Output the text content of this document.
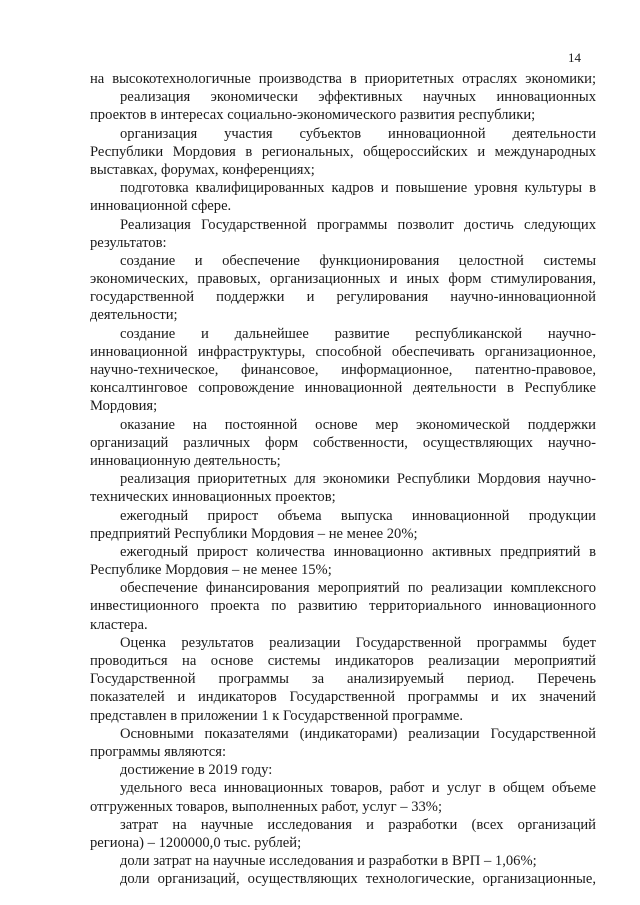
14
на высокотехнологичные производства в приоритетных отраслях экономики;
реализация экономически эффективных научных инновационных
проектов в интересах социально-экономического развития республики;
организация участия субъектов инновационной деятельности
Республики Мордовия в региональных, общероссийских и международных
выставках, форумах, конференциях;
подготовка квалифицированных кадров и повышение уровня культуры в
инновационной сфере.
Реализация Государственной программы позволит достичь следующих
результатов:
создание и обеспечение функционирования целостной системы
экономических, правовых, организационных и иных форм стимулирования,
государственной поддержки и регулирования научно-инновационной
деятельности;
создание и дальнейшее развитие республиканской научно-
инновационной инфраструктуры, способной обеспечивать организационное,
научно-техническое, финансовое, информационное, патентно-правовое,
консалтинговое сопровождение инновационной деятельности в Республике
Мордовия;
оказание на постоянной основе мер экономической поддержки
организаций различных форм собственности, осуществляющих научно-
инновационную деятельность;
реализация приоритетных для экономики Республики Мордовия научно-
технических инновационных проектов;
ежегодный прирост объема выпуска инновационной продукции
предприятий Республики Мордовия – не менее 20%;
ежегодный прирост количества инновационно активных предприятий в
Республике Мордовия – не менее 15%;
обеспечение финансирования мероприятий по реализации комплексного
инвестиционного проекта по развитию территориального инновационного
кластера.
Оценка результатов реализации Государственной программы будет
проводиться на основе системы индикаторов реализации мероприятий
Государственной программы за анализируемый период. Перечень
показателей и индикаторов Государственной программы и их значений
представлен в приложении 1 к Государственной программе.
Основными показателями (индикаторами) реализации Государственной
программы являются:
достижение в 2019 году:
удельного веса инновационных товаров, работ и услуг в общем объеме
отгруженных товаров, выполненных работ, услуг – 33%;
затрат на научные исследования и разработки (всех организаций
региона) – 1200000,0 тыс. рублей;
доли затрат на научные исследования и разработки в ВРП – 1,06%;
доли организаций, осуществляющих технологические, организационные,
